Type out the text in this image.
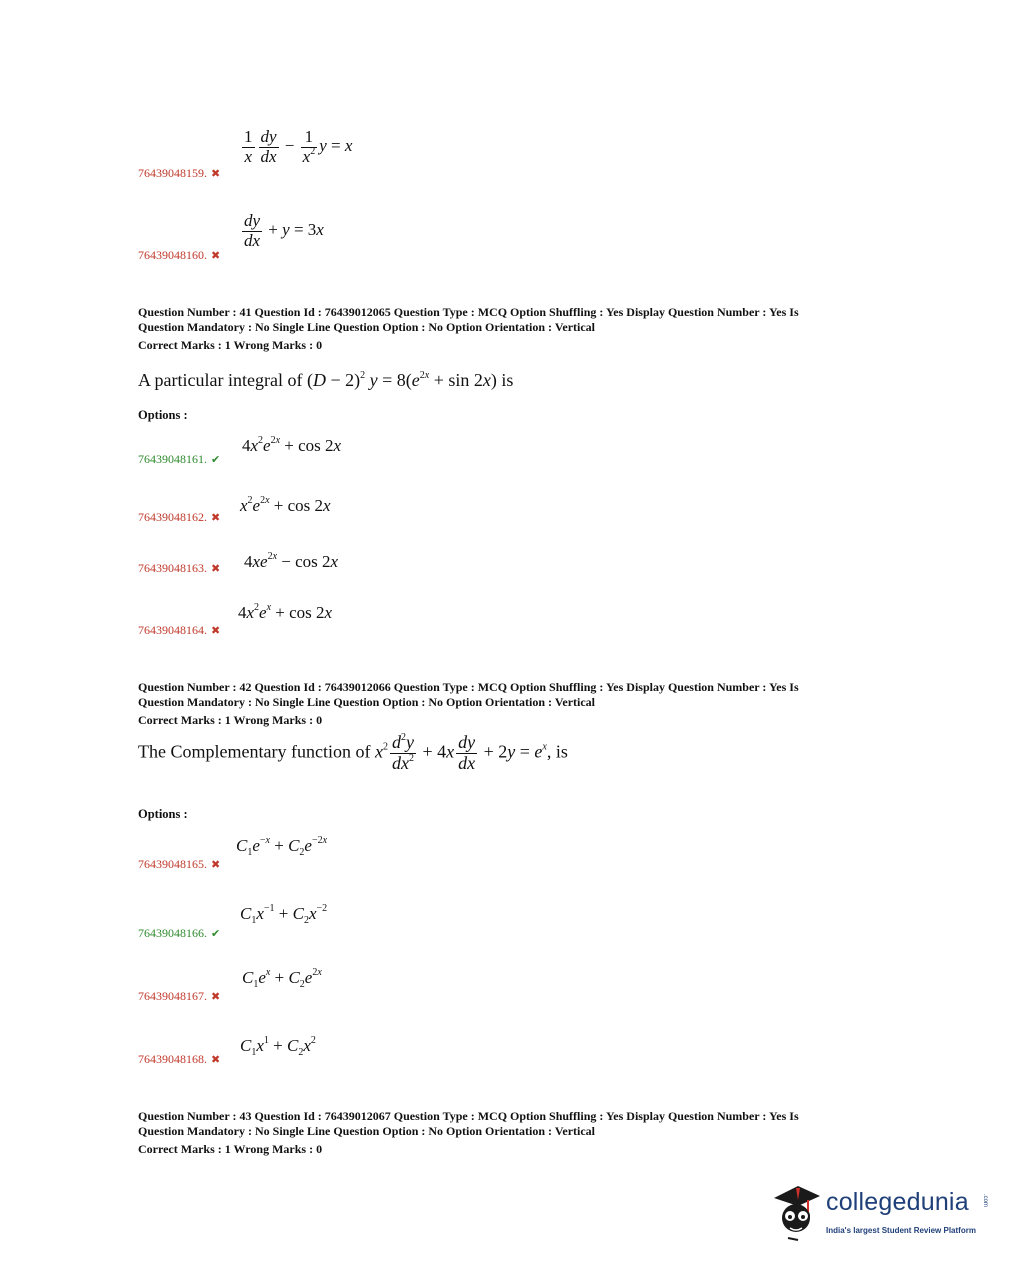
$\frac{1}{x} \frac{dy}{dx} - \frac{1}{x^2}$ y = x
76439048159. ✖
$\frac{dy}{dx} + y = 3x$
76439048160. ✖
Question Number : 41 Question Id : 76439012065 Question Type : MCQ Option Shuffling : Yes Display Question Number : Yes Is
Question Mandatory : No Single Line Question Option : No Option Orientation : Vertical
Correct Marks : 1 Wrong Marks : 0
A particular integral of $(D - 2)^2$ $y = 8(e^{2x} + \sin 2x)$ is
Options :
$4x^2e^{2x} + \cos 2x$
76439048161. ✔
$x^2e^{2x} + \cos 2x$
76439048162. ✖
$4xe^{2x} - \cos 2x$
76439048163. ✖
$4x^2e^x + \cos 2x$
76439048164. ✖
Question Number : 42 Question Id : 76439012066 Question Type : MCQ Option Shuffling : Yes Display Question Number : Yes Is
Question Mandatory : No Single Line Question Option : No Option Orientation : Vertical
Correct Marks : 1 Wrong Marks : 0
The Complementary function of $x^2 \frac{d^2y}{dx^2} + 4x \frac{dy}{dx} + 2y = e^x$, is
Options :
$C_1e^{-x} + C_2e^{-2x}$
76439048165. ✖
$C_1x^{-1} + C_2x^{-2}$
76439048166. ✔
$C_1e^x + C_2e^{2x}$
76439048167. ✖
$C_1x^1 + C_2x^2$
76439048168. ✖
Question Number : 43 Question Id : 76439012067 Question Type : MCQ Option Shuffling : Yes Display Question Number : Yes Is
Question Mandatory : No Single Line Question Option : No Option Orientation : Vertical
Correct Marks : 1 Wrong Marks : 0
collegedunia .com
India's largest Student Review Platform
